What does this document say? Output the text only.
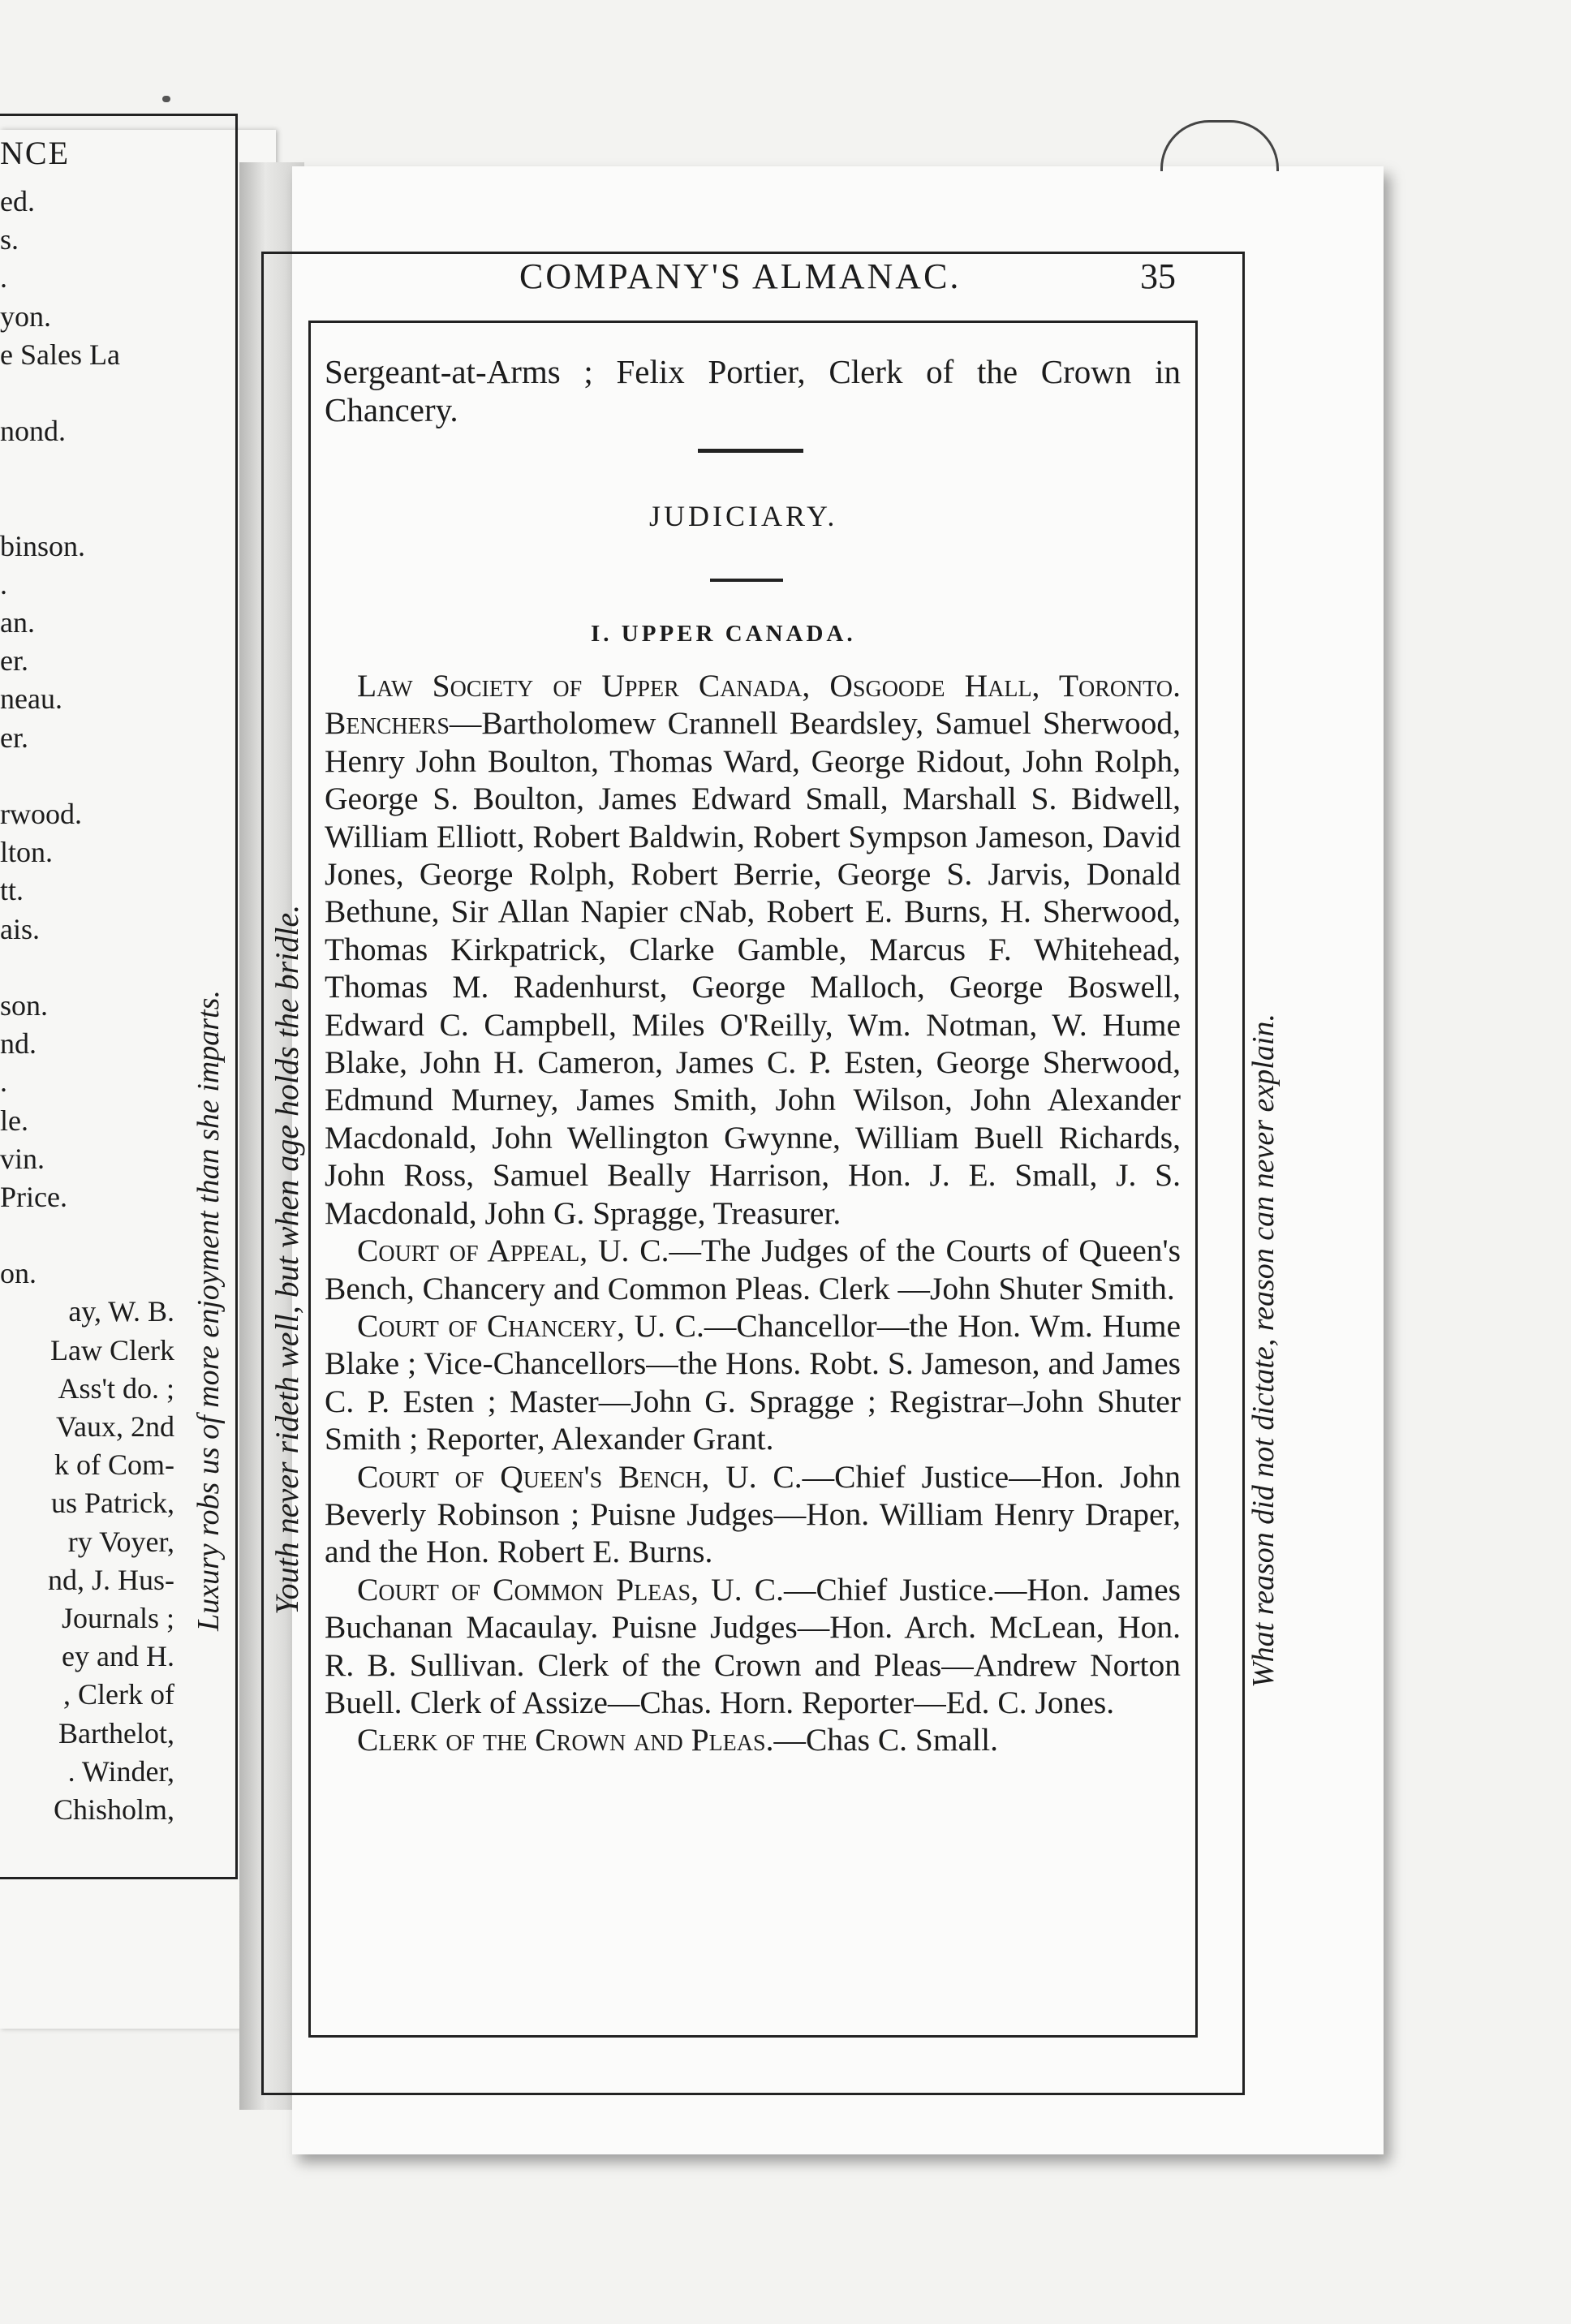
NCE
ed.
s.
.
yon.
e Sales La
nond.
binson.
.
an.
er.
neau.
er.
rwood.
lton.
tt.
ais.
son.
nd.
.
le.
vin.
Price.
on.
ay, W. B.
Law Clerk
Ass't do. ;
Vaux, 2nd
k of Com-
us Patrick,
ry Voyer,
nd, J. Hus-
Journals ;
ey and H.
, Clerk of
Barthelot,
. Winder,
Chisholm,
Luxury robs us of more enjoyment than she imparts.
COMPANY'S ALMANAC.	35
Sergeant-at-Arms ; Felix Portier, Clerk of the Crown in Chancery.
JUDICIARY.
I. UPPER CANADA.

Law Society of Upper Canada, Osgoode Hall, Toronto. Benchers—Bartholomew Crannell Beardsley, Samuel Sherwood, Henry John Boulton, Thomas Ward, George Ridout, John Rolph, George S. Boulton, James Edward Small, Marshall S. Bidwell, William Elliott, Robert Baldwin, Robert Sympson Jameson, David Jones, George Rolph, Robert Berrie, George S. Jarvis, Donald Bethune, Sir Allan Napier cNab, Robert E. Burns, H. Sherwood, Thomas Kirkpatrick, Clarke Gamble, Marcus F. Whitehead, Thomas M. Radenhurst, George Malloch, George Boswell, Edward C. Campbell, Miles O'Reilly, Wm. Notman, W. Hume Blake, John H. Cameron, James C. P. Esten, George Sherwood, Edmund Murney, James Smith, John Wilson, John Alexander Macdonald, John Wellington Gwynne, William Buell Richards, John Ross, Samuel Beally Harrison, Hon. J. E. Small, J. S. Macdonald, John G. Spragge, Treasurer.

Court of Appeal, U. C.—The Judges of the Courts of Queen's Bench, Chancery and Common Pleas. Clerk —John Shuter Smith.

Court of Chancery, U. C.—Chancellor—the Hon. Wm. Hume Blake ; Vice-Chancellors—the Hons. Robt. S. Jameson, and James C. P. Esten ; Master—John G. Spragge ; Registrar–John Shuter Smith ; Reporter, Alexander Grant.

Court of Queen's Bench, U. C.—Chief Justice—Hon. John Beverly Robinson ; Puisne Judges—Hon. William Henry Draper, and the Hon. Robert E. Burns.

Court of Common Pleas, U. C.—Chief Justice.—Hon. James Buchanan Macaulay. Puisne Judges—Hon. Arch. McLean, Hon. R. B. Sullivan. Clerk of the Crown and Pleas—Andrew Norton Buell. Clerk of Assize—Chas. Horn. Reporter—Ed. C. Jones.

Clerk of the Crown and Pleas.—Chas C. Small.

Youth never rideth well, but when age holds the bridle.	What reason did not dictate, reason can never explain.
